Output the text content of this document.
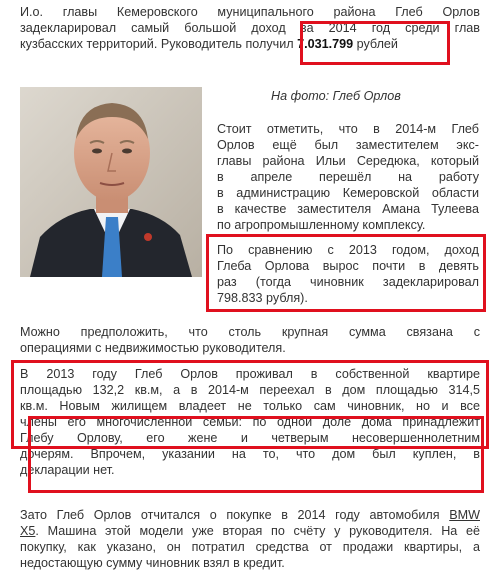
И.о. главы Кемеровского муниципального района Глеб Орлов
задекларировал самый большой доход за 2014 год среди глав
кузбасских территорий. Руководитель получил 7.031.799 рублей
На фото: Глеб Орлов
Стоит отметить, что в 2014-м Глеб
Орлов ещё был заместителем экс-
главы района Ильи Середюка, который
в апреле перешёл на работу
в администрацию Кемеровской области
в качестве заместителя Амана Тулеева
по агропромышленному комплексу.
По сравнению с 2013 годом, доход
Глеба Орлова вырос почти в девять
раз (тогда чиновник задекларировал
798.833 рубля).
Можно предположить, что столь крупная сумма связана с
операциями с недвижимостью руководителя.
В 2013 году Глеб Орлов проживал в собственной квартире
площадью 132,2 кв.м, а в 2014-м переехал в дом площадью 314,5
кв.м. Новым жилищем владеет не только сам чиновник, но и все
члены его многочисленной семьи: по одной доле дома принадлежит
Глебу Орлову, его жене и четверым несовершеннолетним
дочерям. Впрочем, указании на то, что дом был куплен, в
декларации нет.
Зато Глеб Орлов отчитался о покупке в 2014 году автомобиля BMW
X5. Машина этой модели уже вторая по счёту у руководителя. На её
покупку, как указано, он потратил средства от продажи квартиры, а
недостающую сумму чиновник взял в кредит.
